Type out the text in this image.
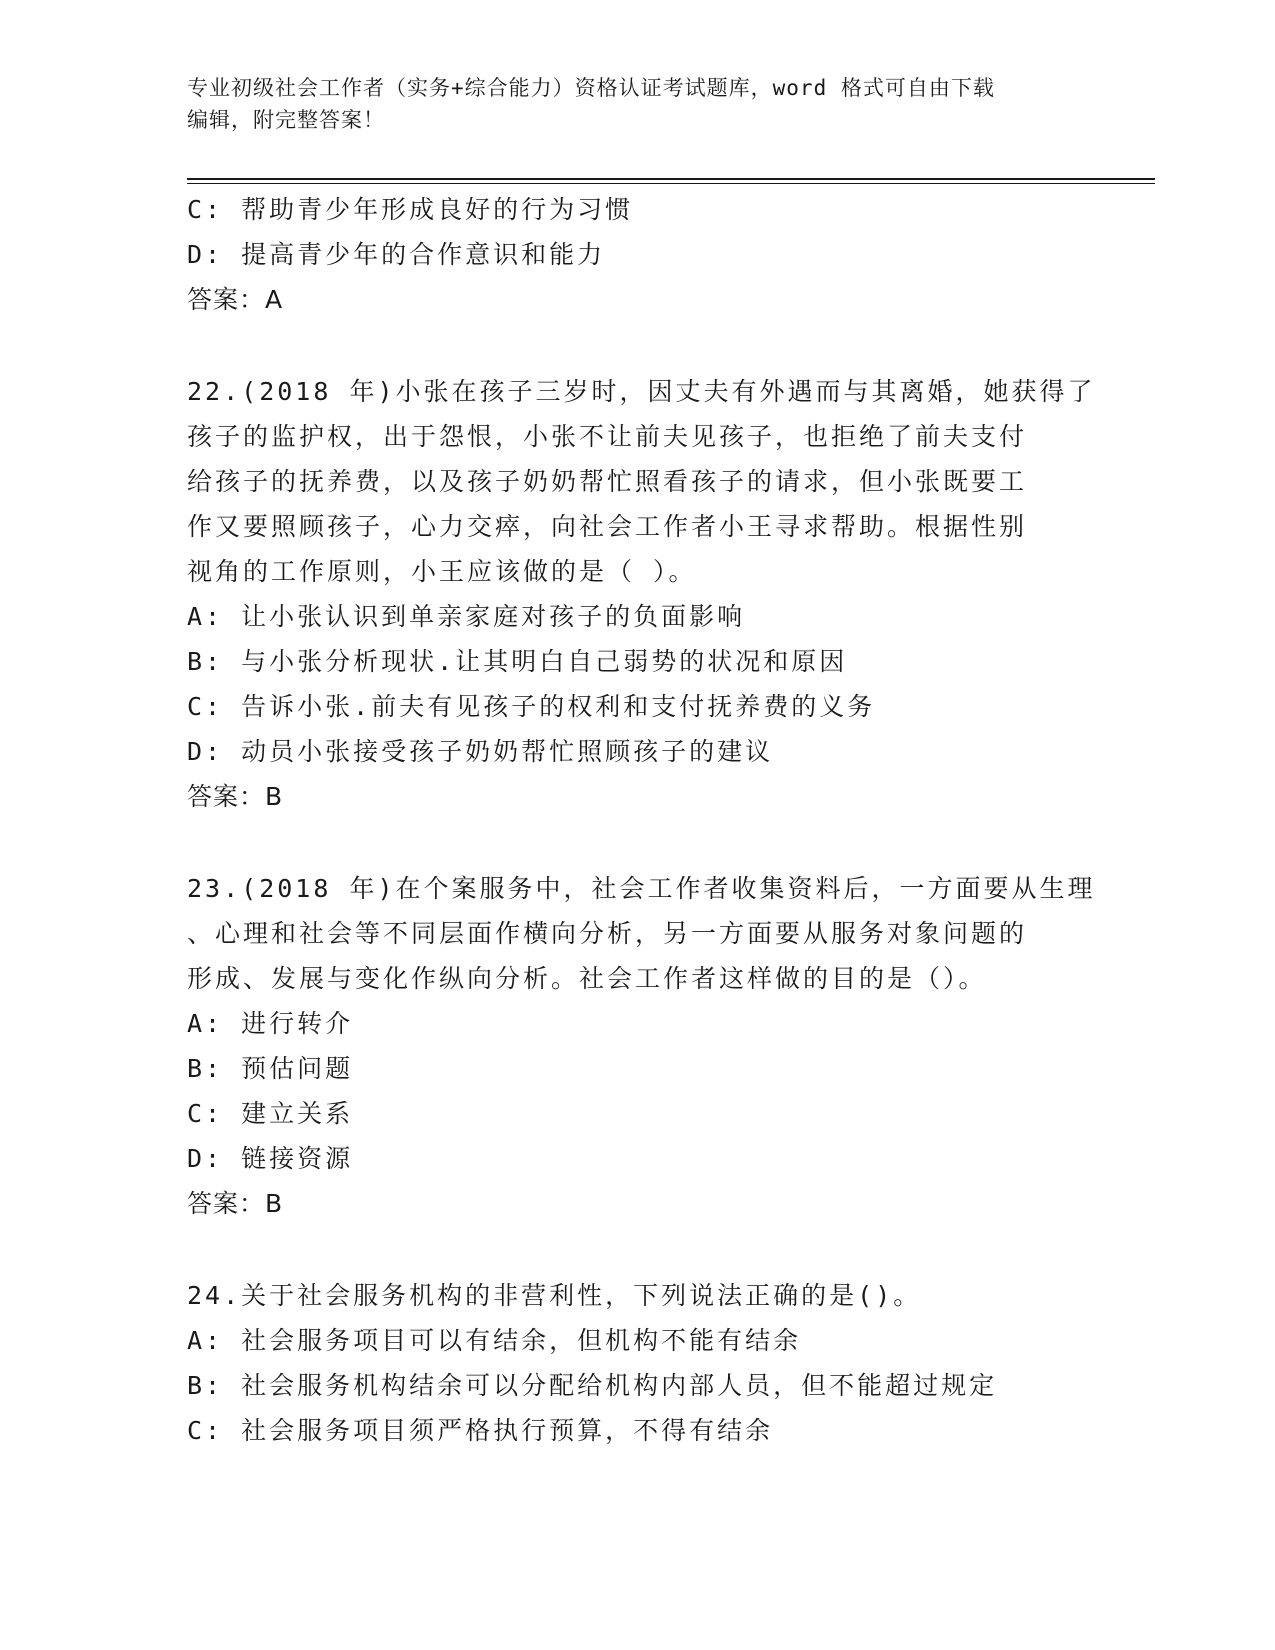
专业初级社会工作者（实务+综合能力）资格认证考试题库，word 格式可自由下载
编辑，附完整答案！
C: 帮助青少年形成良好的行为习惯
D: 提高青少年的合作意识和能力
答案：A
22.(2018 年)小张在孩子三岁时，因丈夫有外遇而与其离婚，她获得了
孩子的监护权，出于怨恨，小张不让前夫见孩子，也拒绝了前夫支付
给孩子的抚养费，以及孩子奶奶帮忙照看孩子的请求，但小张既要工
作又要照顾孩子，心力交瘁，向社会工作者小王寻求帮助。根据性别
视角的工作原则，小王应该做的是（ ）。
A: 让小张认识到单亲家庭对孩子的负面影响
B: 与小张分析现状.让其明白自己弱势的状况和原因
C: 告诉小张.前夫有见孩子的权利和支付抚养费的义务
D: 动员小张接受孩子奶奶帮忙照顾孩子的建议
答案：B
23.(2018 年)在个案服务中，社会工作者收集资料后，一方面要从生理
、心理和社会等不同层面作横向分析，另一方面要从服务对象问题的
形成、发展与变化作纵向分析。社会工作者这样做的目的是（）。
A: 进行转介
B: 预估问题
C: 建立关系
D: 链接资源
答案：B
24.关于社会服务机构的非营利性，下列说法正确的是()。
A: 社会服务项目可以有结余，但机构不能有结余
B: 社会服务机构结余可以分配给机构内部人员，但不能超过规定
C: 社会服务项目须严格执行预算，不得有结余
